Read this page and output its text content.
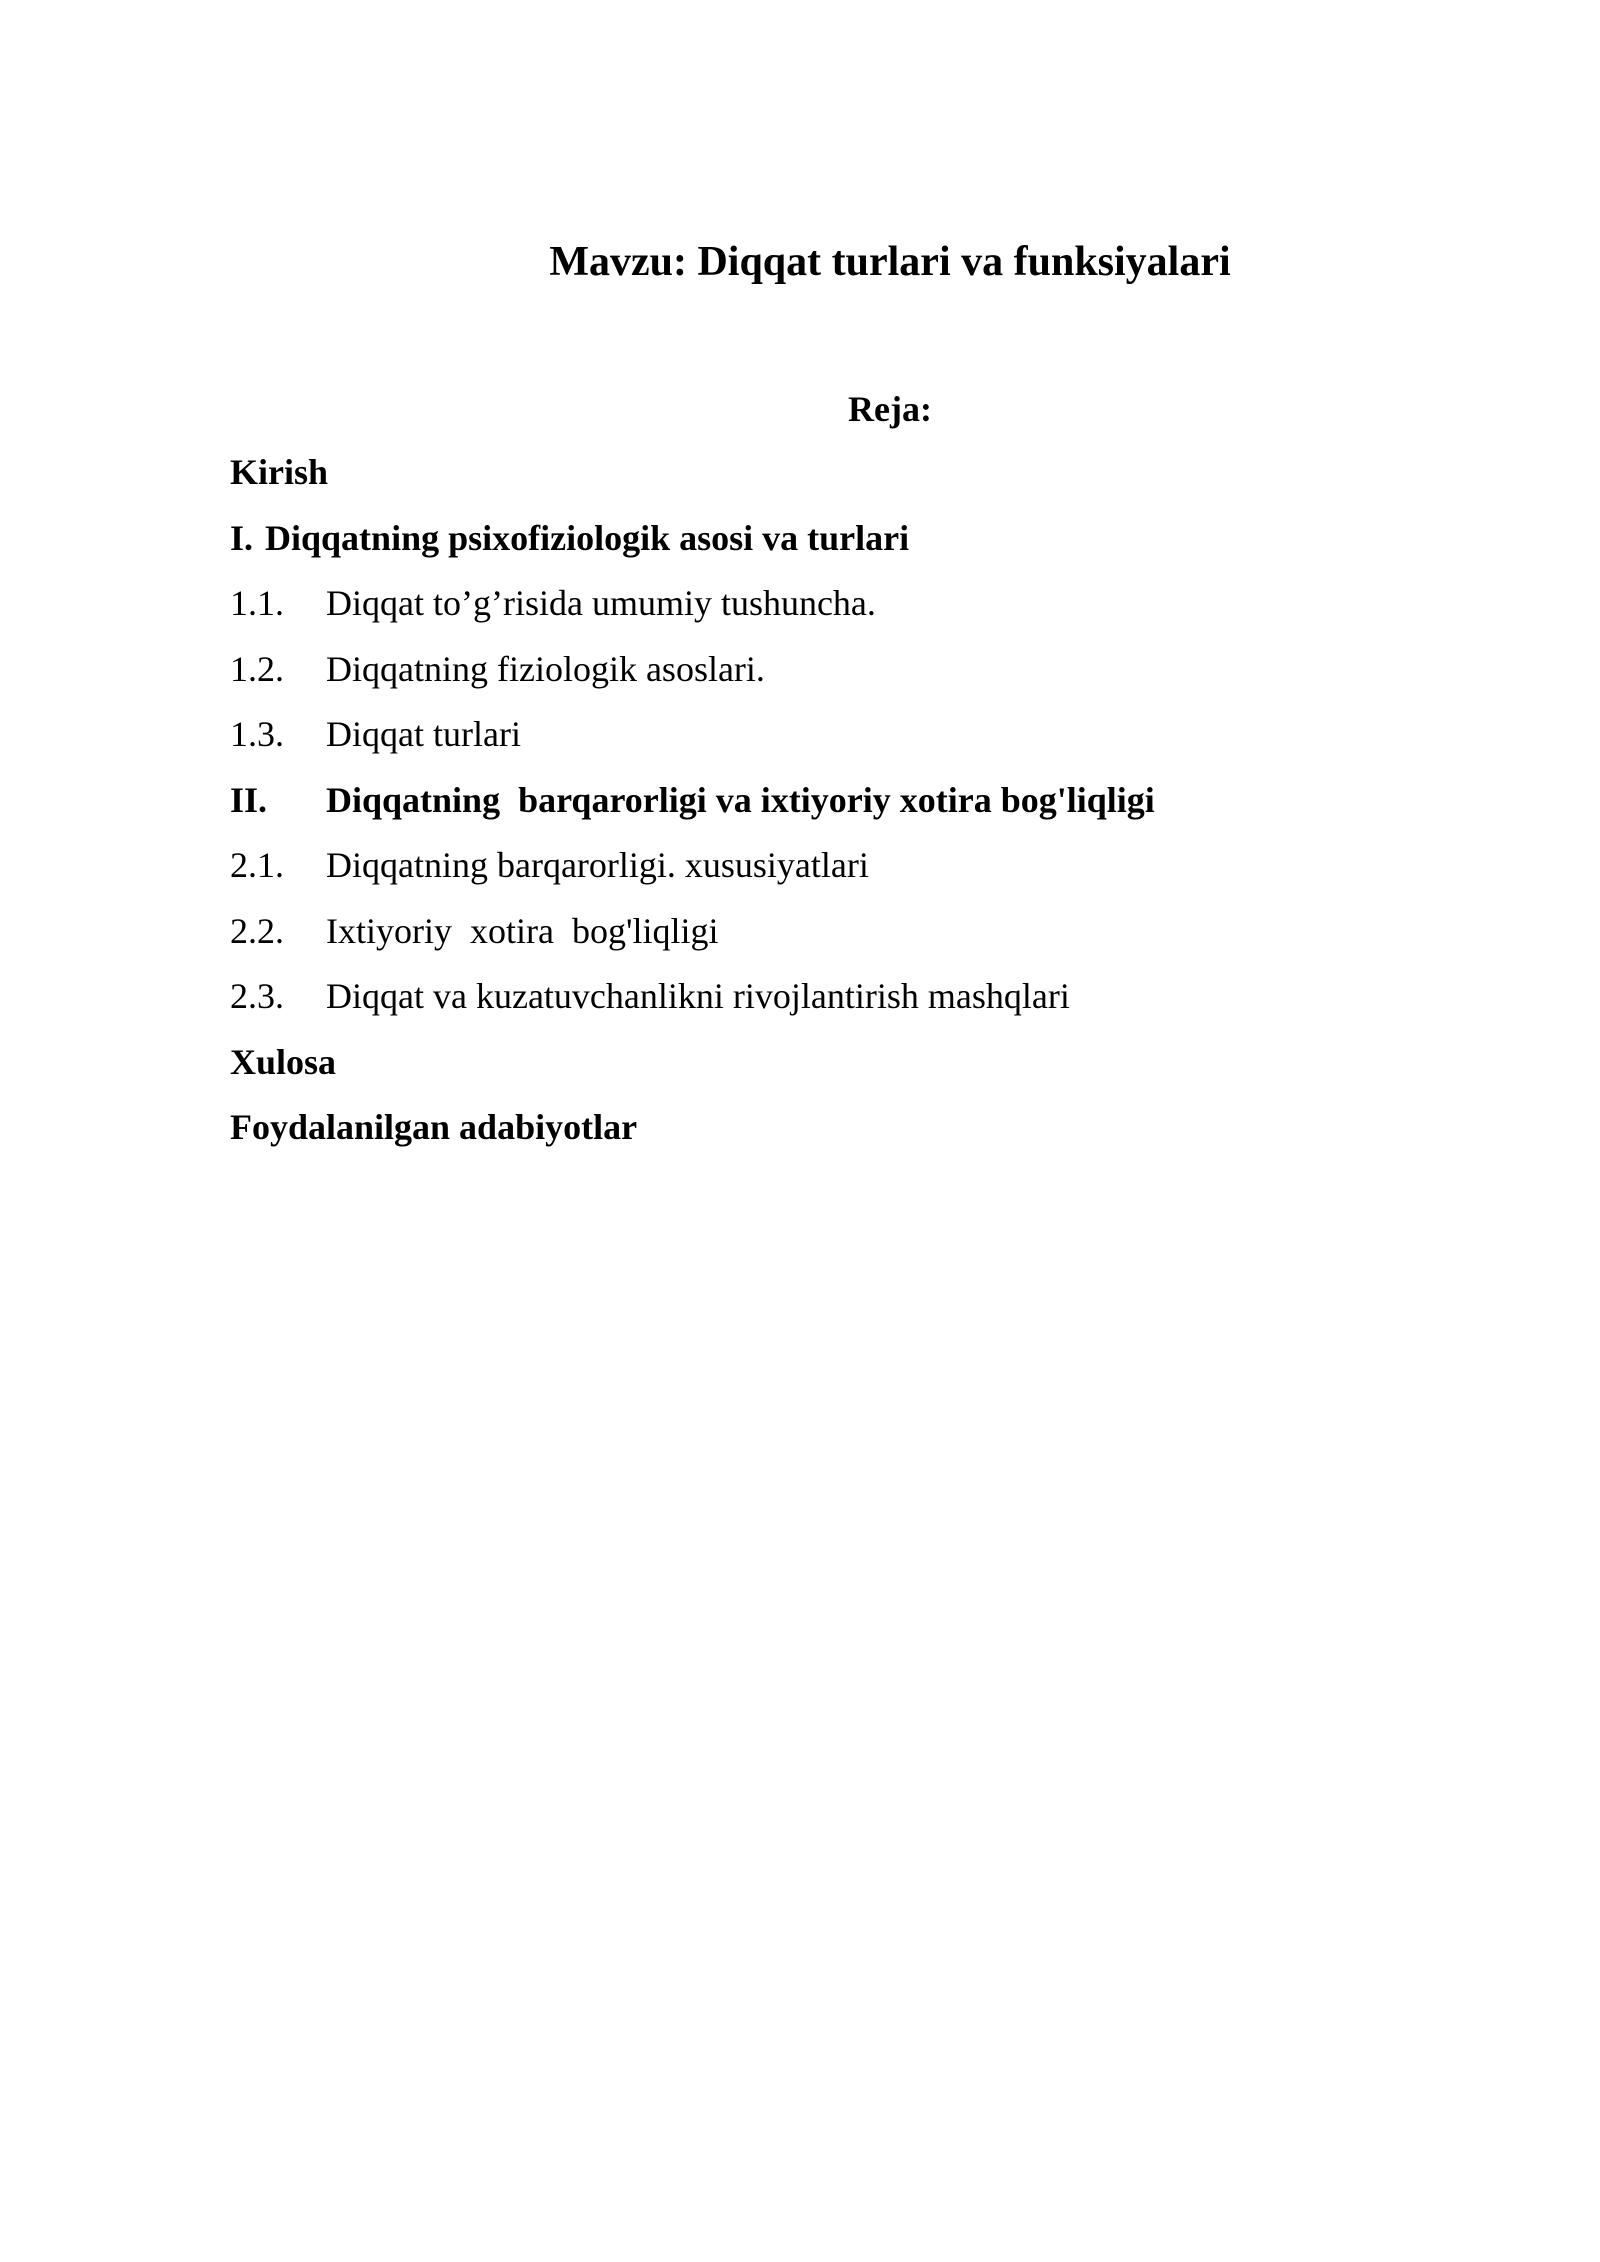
Mavzu: Diqqat turlari va funksiyalari
Reja:
Kirish
I. Diqqatning psixofiziologik asosi va turlari
1.1.	Diqqat to’g’risida umumiy tushuncha.
1.2.	Diqqatning fiziologik asoslari.
1.3.	Diqqat turlari
II.	Diqqatning  barqarorligi va ixtiyoriy xotira bog'liqligi
2.1.	Diqqatning barqarorligi. xususiyatlari
2.2.	Ixtiyoriy  xotira  bog'liqligi
2.3.	Diqqat va kuzatuvchanlikni rivojlantirish mashqlari
Xulosa
Foydalanilgan adabiyotlar
